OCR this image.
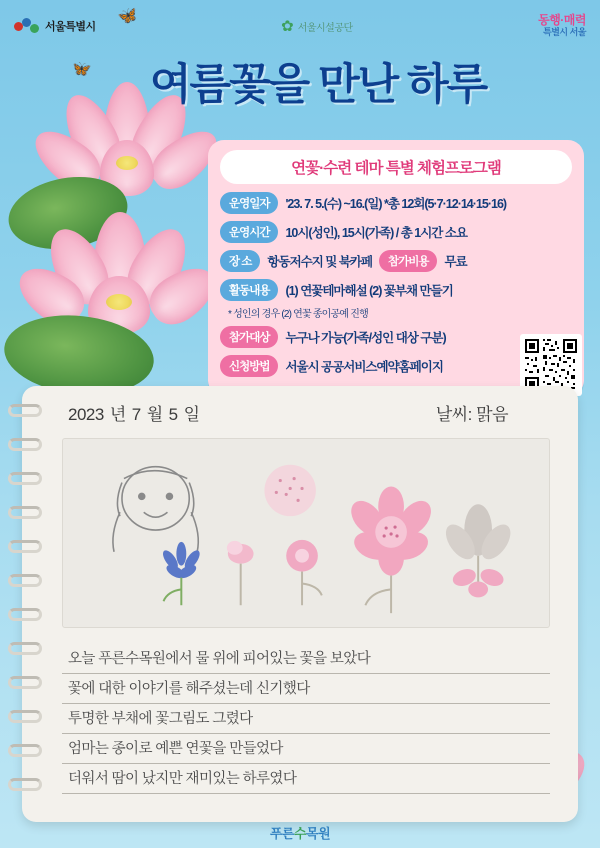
서울특별시	✿ 서울시설공단
동행·매력
특별시 서울
🦋
🦋 여름꽃을 만난 하루
연꽃·수련 테마 특별 체험프로그램
운영일자	'23. 7. 5.(수) ~16.(일) *총 12회(5·7·12·14·15·16)
운영시간	10시(성인), 15시(가족) / 총 1시간 소요
장 소	항동저수지 및 북카페	참가비용	무료
활동내용	(1) 연꽃테마해설 (2) 꽃부채 만들기
* 성인의 경우 (2) 연꽃 종이공예 진행
참가대상	누구나 가능(가족/성인 대상 구분)
신청방법	서울시 공공서비스예약홈페이지
2023 년 7 월 5 일	날씨: 맑음
오늘 푸른수목원에서 물 위에 피어있는 꽃을 보았다
꽃에 대한 이야기를 해주셨는데 신기했다
투명한 부채에 꽃그림도 그렸다
엄마는 종이로 예쁜 연꽃을 만들었다
더워서 땀이 났지만 재미있는 하루였다
푸른수목원
